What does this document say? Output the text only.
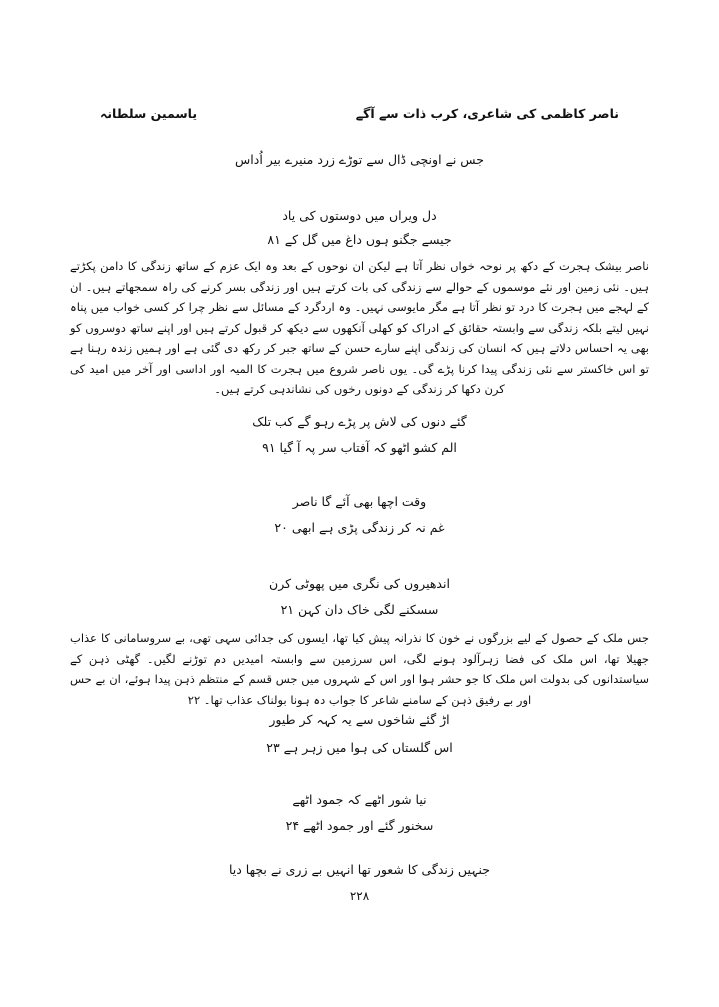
ناصر کاظمی کی شاعری، کرب ذات سے آگے
یاسمین سلطانہ
جس نے اونچی ڈال سے توڑے زرد منیرے بیر اُداس
دل ویراں میں دوستوں کی یاد
جیسے جگنو ہوں داغ میں گل کے ۸۱
ناصر بیشک ہجرت کے دکھ پر نوحہ خواں نظر آتا ہے لیکن ان نوحوں کے بعد وہ ایک عزم کے ساتھ زندگی کا دامن پکڑتے ہیں۔ نئی زمین اور نئے موسموں کے حوالے سے زندگی کی بات کرتے ہیں اور زندگی بسر کرنے کی راہ سمجھاتے ہیں۔ ان کے لہجے میں ہجرت کا درد تو نظر آتا ہے مگر مایوسی نہیں۔ وہ اردگرد کے مسائل سے نظر چرا کر کسی خواب میں پناہ نہیں لیتے بلکہ زندگی سے وابستہ حقائق کے ادراک کو کھلی آنکھوں سے دیکھ کر قبول کرتے ہیں اور اپنے ساتھ دوسروں کو بھی یہ احساس دلاتے ہیں کہ انسان کی زندگی اپنے سارے حسن کے ساتھ جبر کر رکھ دی گئی ہے اور ہمیں زندہ رہنا ہے تو اس خاکستر سے نئی زندگی پیدا کرنا پڑے گی۔ یوں ناصر شروع میں ہجرت کا المیہ اور اداسی اور آخر میں امید کی کرن دکھا کر زندگی کے دونوں رخوں کی نشاندہی کرتے ہیں۔
گئے دنوں کی لاش پر پڑے رہو گے کب تلک
الم کشو اٹھو کہ آفتاب سر پہ آ گیا ۹۱
وقت اچھا بھی آئے گا ناصر
غم نہ کر زندگی پڑی ہے ابھی ۲۰
اندھیروں کی نگری میں پھوٹی کرن
سسکنے لگی خاک دان کہن ۲۱
جس ملک کے حصول کے لیے بزرگوں نے خون کا نذرانہ پیش کیا تھا، ایسوں کی جدائی سہی تھی، بے سروسامانی کا عذاب جھیلا تھا، اس ملک کی فضا زہرآلود ہونے لگی، اس سرزمین سے وابستہ امیدیں دم توڑنے لگیں۔ گھٹی ذہن کے سیاستدانوں کی بدولت اس ملک کا جو حشر ہوا اور اس کے شہروں میں جس قسم کے منتظم ذہن پیدا ہوئے، ان بے حس اور بے رفیق ذہن کے سامنے شاعر کا جواب دہ ہونا بولناک عذاب تھا۔ ۲۲
اڑ گئے شاخوں سے یہ کہہ کر طیور
اس گلستاں کی ہوا میں زہر ہے ۲۳
نیا شور اٹھے کہ جمود اٹھے
سخنور گئے اور جمود اٹھے ۲۴
جنہیں زندگی کا شعور تھا انہیں بے زری نے بچھا دیا
۲۲۸
